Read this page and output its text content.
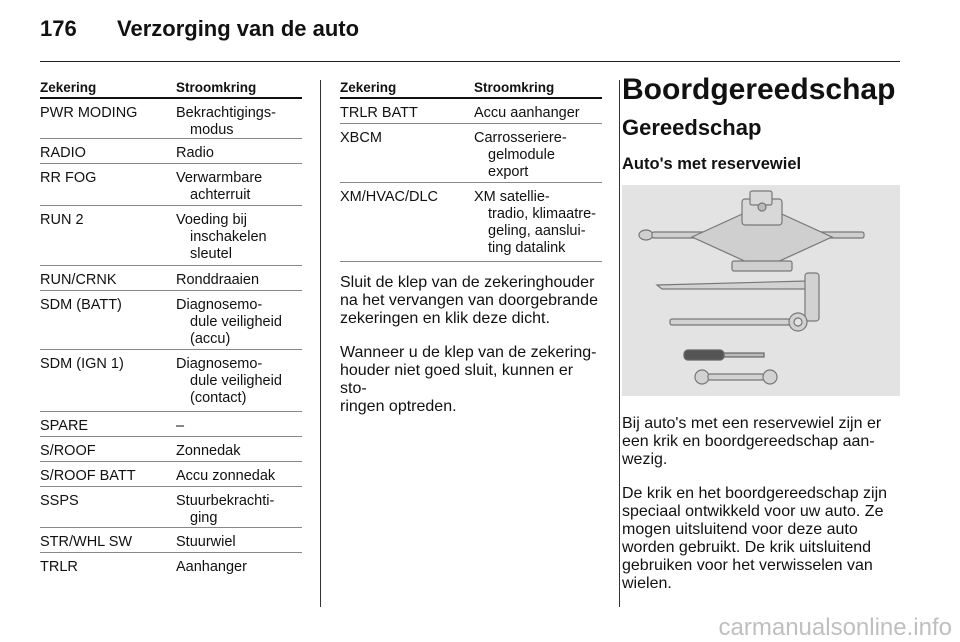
176 Verzorging van de auto
Zekering	Stroomkring
PWR MODING	Bekrachtigings-
modus
RADIO	Radio
RR FOG	Verwarmbare
achterruit
RUN 2	Voeding bij
inschakelen
sleutel
RUN/CRNK	Ronddraaien
SDM (BATT)	Diagnosemo-
dule veiligheid
(accu)
SDM (IGN 1)	Diagnosemo-
dule veiligheid
(contact)
SPARE	–
S/ROOF	Zonnedak
S/ROOF BATT	Accu zonnedak
SSPS	Stuurbekrachti-
ging
STR/WHL SW	Stuurwiel
TRLR	Aanhanger
Zekering	Stroomkring
TRLR BATT	Accu aanhanger
XBCM	Carrosseriere-
gelmodule
export
XM/HVAC/DLC XM satellie-
tradio, klimaatre-
geling, aanslui-
ting datalink

Sluit de klep van de zekeringhouder
na het vervangen van doorgebrande
zekeringen en klik deze dicht.

Wanneer u de klep van de zekering-
houder niet goed sluit, kunnen er sto-
ringen optreden.

Boordgereedschap
Gereedschap
Auto's met reservewiel

Bij auto's met een reservewiel zijn er
een krik en boordgereedschap aan-
wezig.

De krik en het boordgereedschap zijn
speciaal ontwikkeld voor uw auto. Ze
mogen uitsluitend voor deze auto
worden gebruikt. De krik uitsluitend
gebruiken voor het verwisselen van
wielen.

carmanualsonline.info
